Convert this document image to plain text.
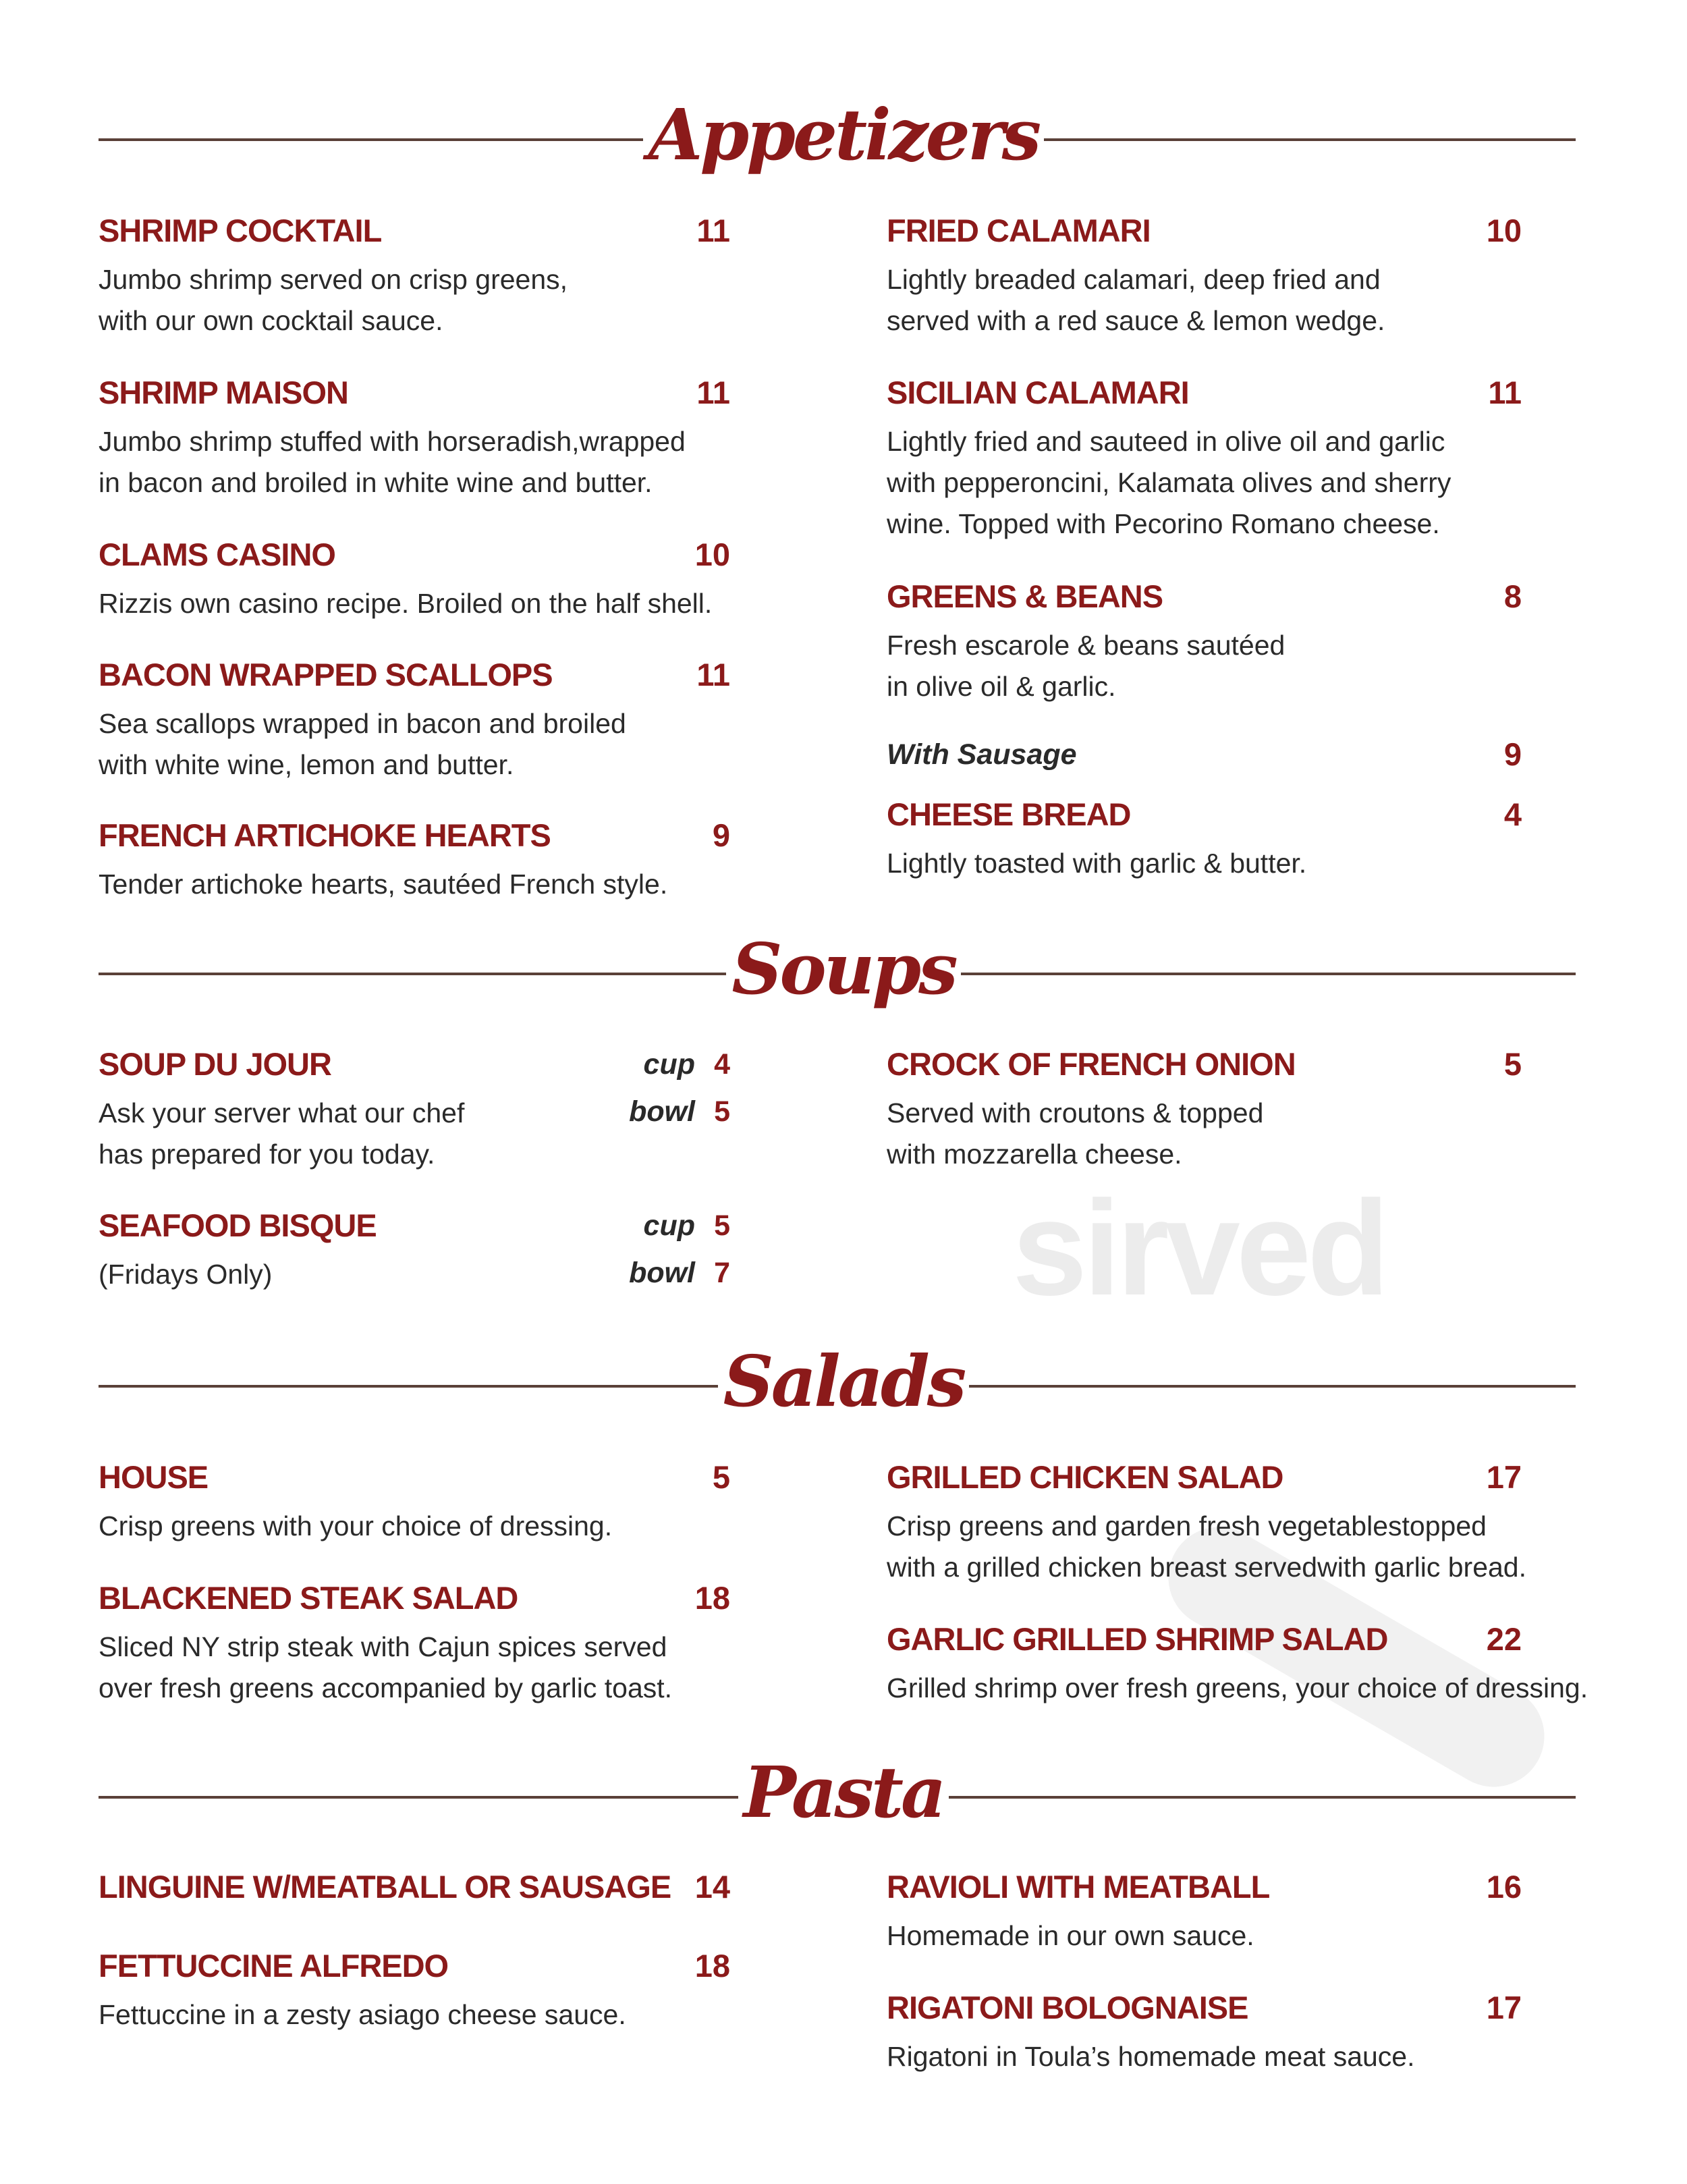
sirved
Appetizers
SHRIMP COCKTAIL	11
Jumbo shrimp served on crisp greens,
with our own cocktail sauce.
SHRIMP MAISON	11
Jumbo shrimp stuffed with horseradish,wrapped
in bacon and broiled in white wine and butter.
CLAMS CASINO	10
Rizzis own casino recipe. Broiled on the half shell.
BACON WRAPPED SCALLOPS	11
Sea scallops wrapped in bacon and broiled
with white wine, lemon and butter.
FRENCH ARTICHOKE HEARTS	9
Tender artichoke hearts, sautéed French style.
FRIED CALAMARI	10
Lightly breaded calamari, deep fried and
served with a red sauce & lemon wedge.
SICILIAN CALAMARI	11
Lightly fried and sauteed in olive oil and garlic
with pepperoncini, Kalamata olives and sherry
wine. Topped with Pecorino Romano cheese.
GREENS & BEANS	8
Fresh escarole & beans sautéed
in olive oil & garlic.
With Sausage	9
CHEESE BREAD	4
Lightly toasted with garlic & butter.
Soups
SOUP DU JOUR
Ask your server what our chef
has prepared for you today.
cup 4
bowl 5
SEAFOOD BISQUE
(Fridays Only)
cup 5
bowl 7
CROCK OF FRENCH ONION	5
Served with croutons & topped
with mozzarella cheese.
Salads
HOUSE	5
Crisp greens with your choice of dressing.
BLACKENED STEAK SALAD	18
Sliced NY strip steak with Cajun spices served
over fresh greens accompanied by garlic toast.
GRILLED CHICKEN SALAD	17
Crisp greens and garden fresh vegetablestopped
with a grilled chicken breast servedwith garlic bread.
GARLIC GRILLED SHRIMP SALAD	22
Grilled shrimp over fresh greens, your choice of dressing.
Pasta
LINGUINE W/MEATBALL OR SAUSAGE 14
FETTUCCINE ALFREDO	18
Fettuccine in a zesty asiago cheese sauce.
RAVIOLI WITH MEATBALL	16
Homemade in our own sauce.
RIGATONI BOLOGNAISE	17
Rigatoni in Toula’s homemade meat sauce.
